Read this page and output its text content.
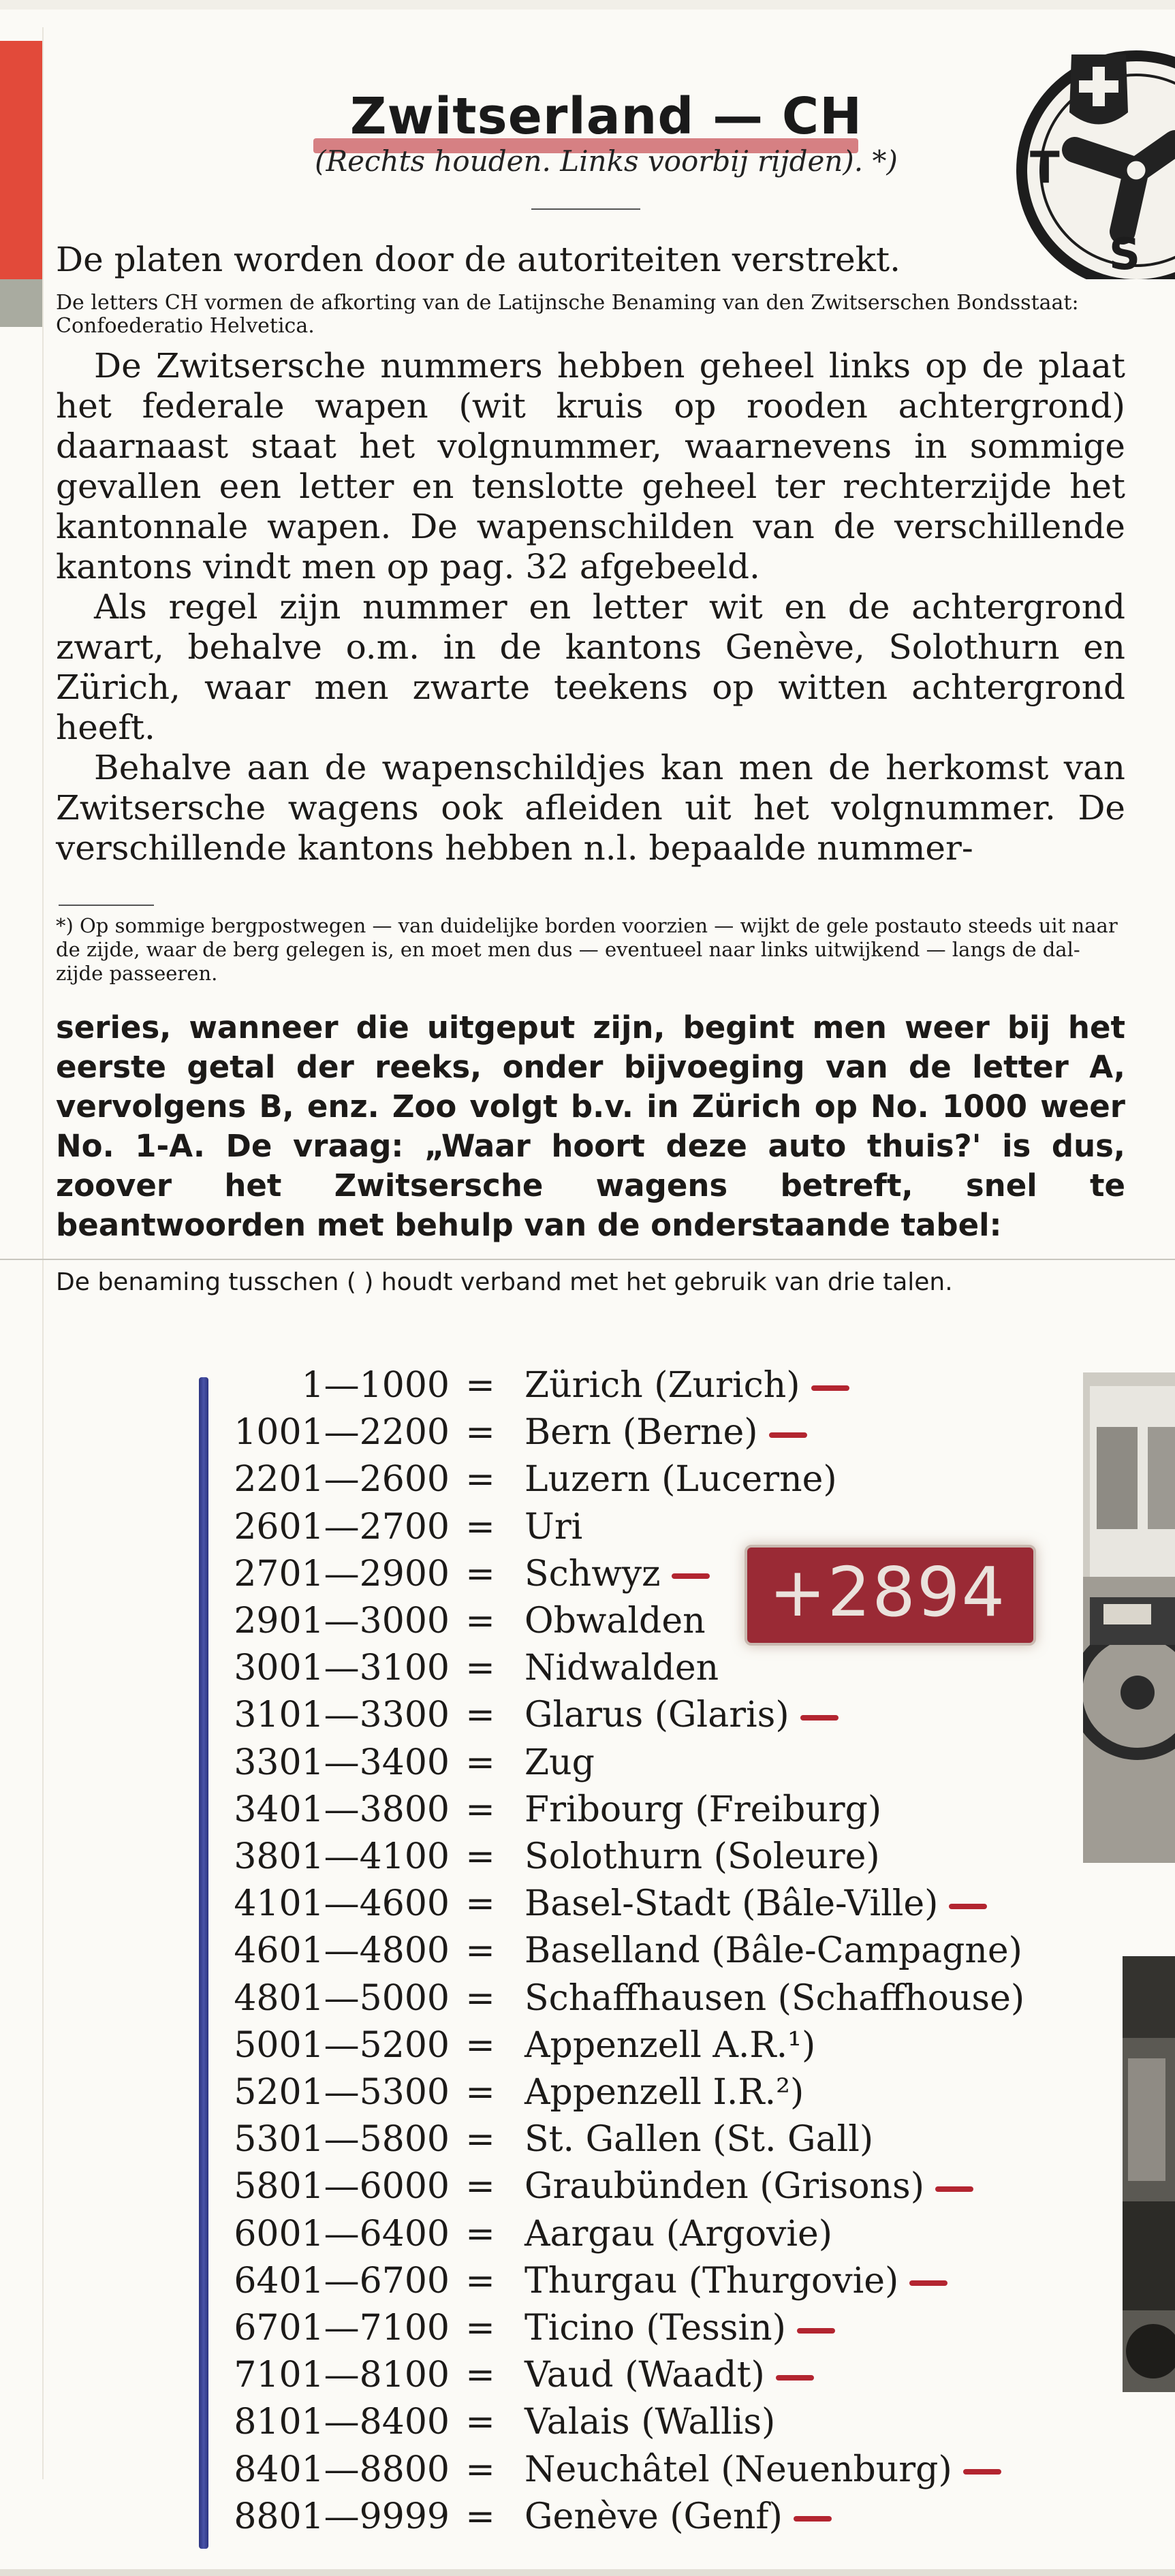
Zwitserland — CH
(Rechts houden. Links voorbij rijden). *)	T
S
De platen worden door de autoriteiten verstrekt.
De letters CH vormen de afkorting van de Latijnsche Benaming van den Zwitserschen Bondsstaat: Confoederatio Helvetica.
De Zwitsersche nummers hebben geheel links op de plaat het federale wapen (wit kruis op rooden achtergrond) daarnaast staat het volgnummer, waarnevens in sommige gevallen een letter en tenslotte geheel ter rechterzijde het kantonnale wapen. De wapenschilden van de verschillende kantons vindt men op pag. 32 afgebeeld.
Als regel zijn nummer en letter wit en de achtergrond zwart, behalve o.m. in de kantons Genève, Solothurn en Zürich, waar men zwarte teekens op witten achtergrond heeft.
Behalve aan de wapenschildjes kan men de herkomst van Zwitsersche wagens ook afleiden uit het volgnummer. De verschillende kantons hebben n.l. bepaalde nummer-
*) Op sommige bergpostwegen — van duidelijke borden voorzien — wijkt de gele postauto steeds uit naar de zijde, waar de berg gelegen is, en moet men dus — eventueel naar links uitwijkend — langs de dal-zijde passeeren.
series, wanneer die uitgeput zijn, begint men weer bij het eerste getal der reeks, onder bijvoeging van de letter A, vervolgens B, enz. Zoo volgt b.v. in Zürich op No. 1000 weer No. 1-A. De vraag: „Waar hoort deze auto thuis?' is dus, zoover het Zwitsersche wagens betreft, snel te beantwoorden met behulp van de onderstaande tabel:
De benaming tusschen ( ) houdt verband met het gebruik van drie talen.
+2894
1—1000 = Zürich (Zurich)
1001—2200 = Bern (Berne)
2201—2600 = Luzern (Lucerne)
2601—2700 = Uri
2701—2900 = Schwyz
2901—3000 = Obwalden
3001—3100 = Nidwalden
3101—3300 = Glarus (Glaris)
3301—3400 = Zug
3401—3800 = Fribourg (Freiburg)
3801—4100 = Solothurn (Soleure)
4101—4600 = Basel-Stadt (Bâle-Ville)
4601—4800 = Baselland (Bâle-Campagne)
4801—5000 = Schaffhausen (Schaffhouse)
5001—5200 = Appenzell A.R.¹)
5201—5300 = Appenzell I.R.²)
5301—5800 = St. Gallen (St. Gall)
5801—6000 = Graubünden (Grisons)
6001—6400 = Aargau (Argovie)
6401—6700 = Thurgau (Thurgovie)
6701—7100 = Ticino (Tessin)
7101—8100 = Vaud (Waadt)
8101—8400 = Valais (Wallis)
8401—8800 = Neuchâtel (Neuenburg)
8801—9999 = Genève (Genf)
